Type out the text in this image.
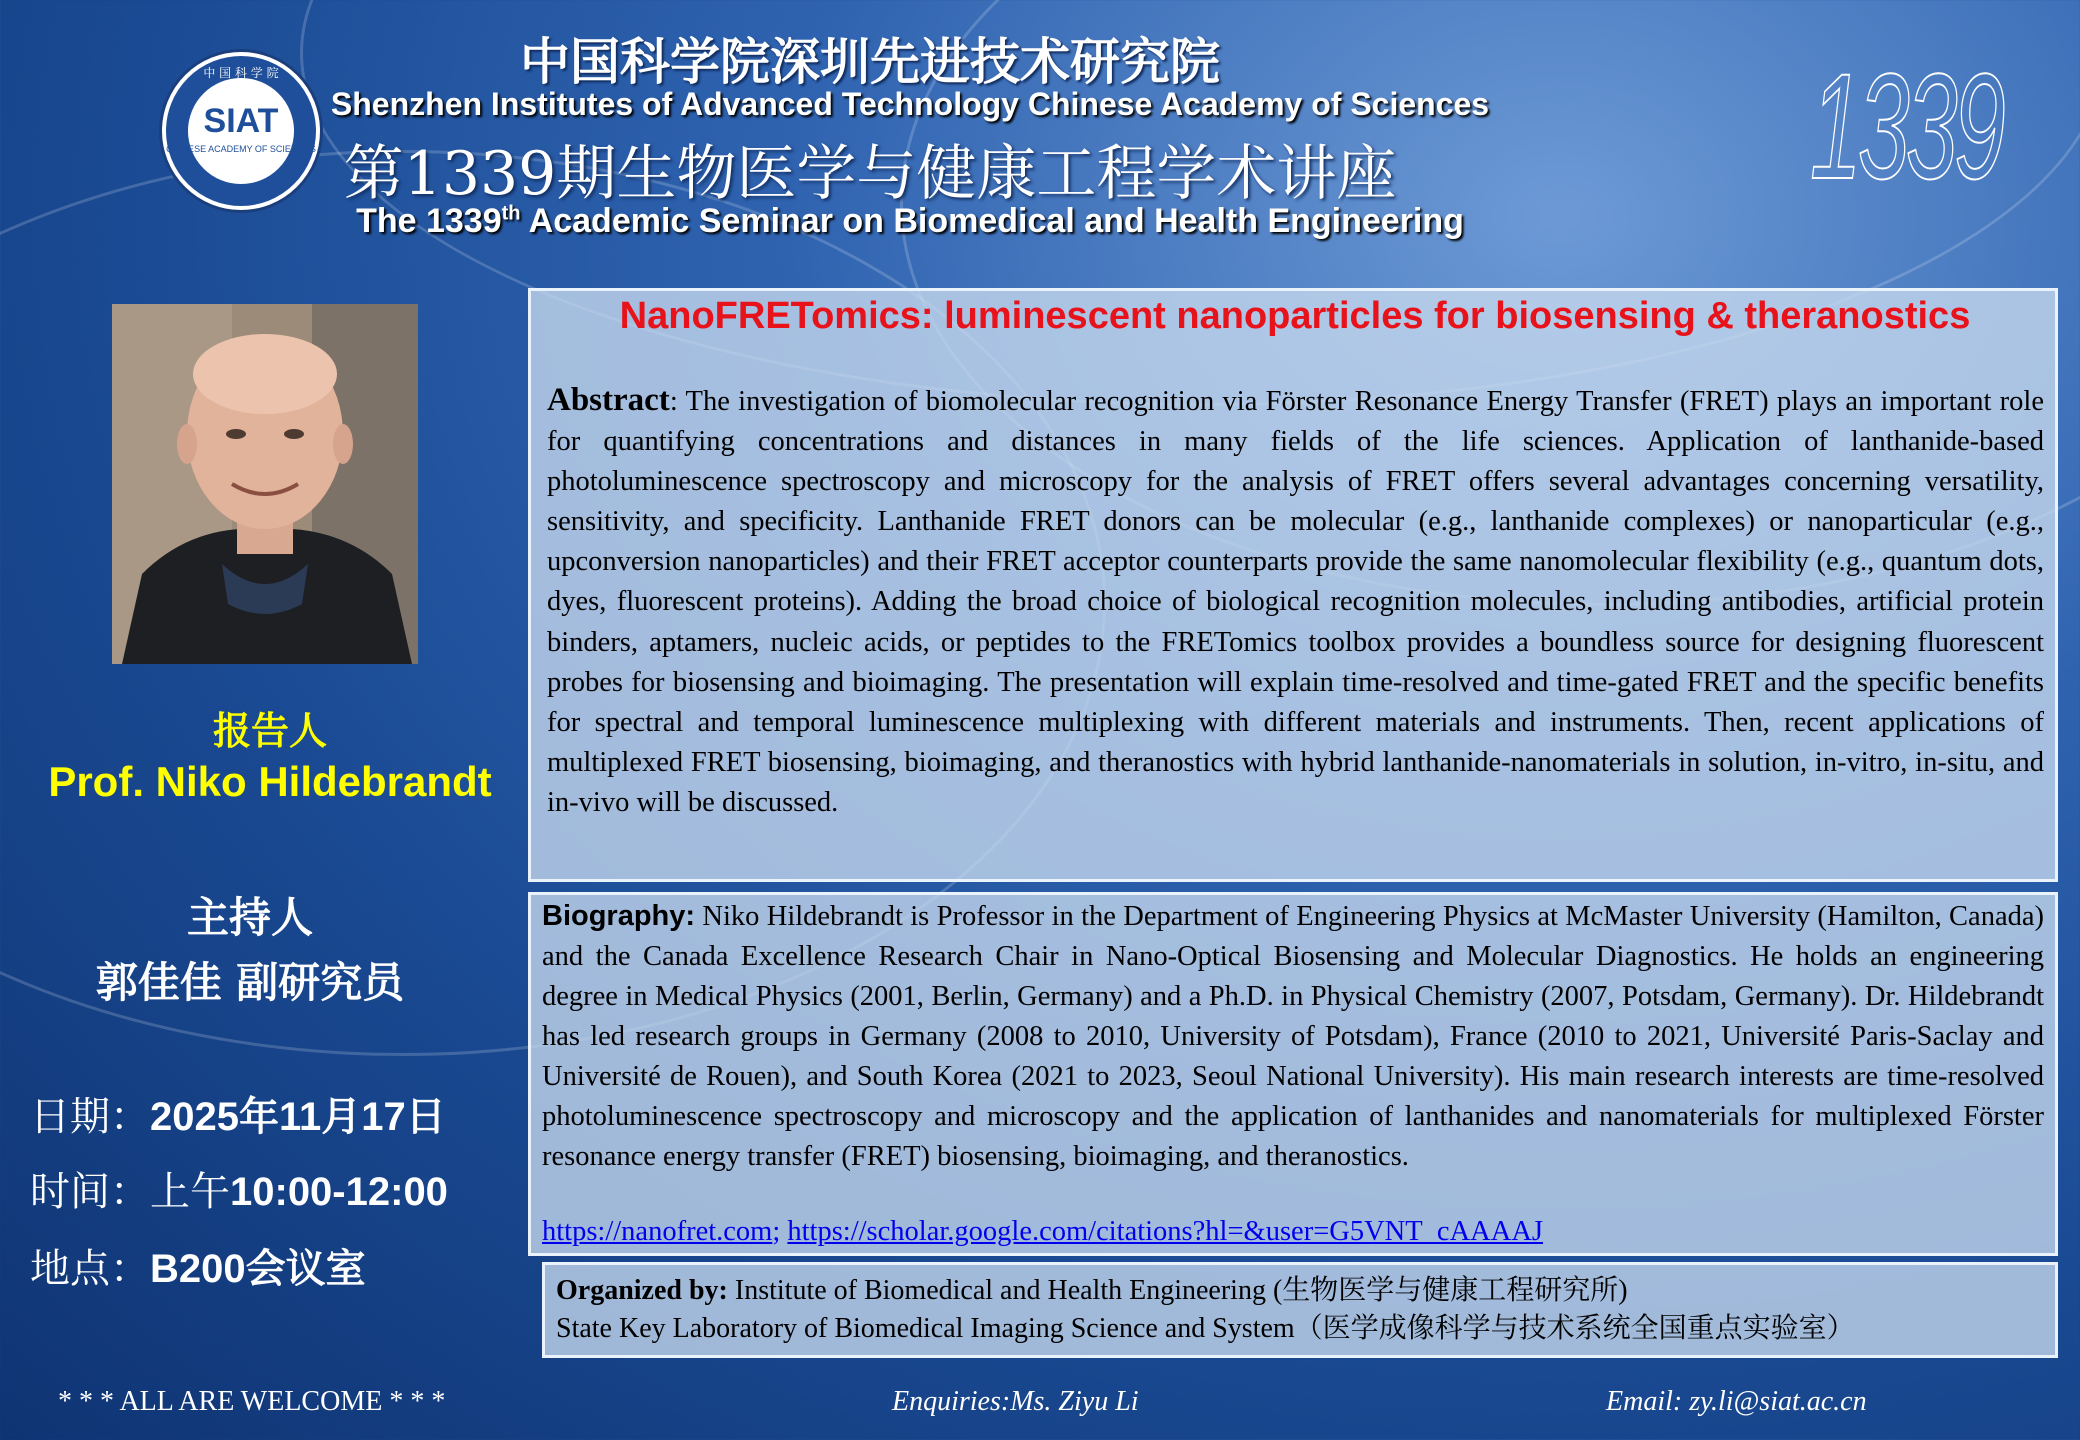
中 国 科 学 院
SIAT
CHINESE ACADEMY OF SCIENCES
中国科学院深圳先进技术研究院
Shenzhen Institutes of Advanced Technology Chinese Academy of Sciences
第1339期生物医学与健康工程学术讲座
The 1339th Academic Seminar on Biomedical and Health Engineering
1339
报告人
Prof. Niko Hildebrandt
主持人
郭佳佳 副研究员
日期：2025年11月17日
时间：上午10:00-12:00
地点：B200会议室
NanoFRETomics: luminescent nanoparticles for biosensing & theranostics
Abstract: The investigation of biomolecular recognition via Förster Resonance Energy Transfer (FRET) plays an important role for quantifying concentrations and distances in many fields of the life sciences. Application of lanthanide-based photoluminescence spectroscopy and microscopy for the analysis of FRET offers several advantages concerning versatility, sensitivity, and specificity. Lanthanide FRET donors can be molecular (e.g., lanthanide complexes) or nanoparticular (e.g., upconversion nanoparticles) and their FRET acceptor counterparts provide the same nanomolecular flexibility (e.g., quantum dots, dyes, fluorescent proteins). Adding the broad choice of biological recognition molecules, including antibodies, artificial protein binders, aptamers, nucleic acids, or peptides to the FRETomics toolbox provides a boundless source for designing fluorescent probes for biosensing and bioimaging. The presentation will explain time-resolved and time-gated FRET and the specific benefits for spectral and temporal luminescence multiplexing with different materials and instruments. Then, recent applications of multiplexed FRET biosensing, bioimaging, and theranostics with hybrid lanthanide-nanomaterials in solution, in-vitro, in-situ, and in-vivo will be discussed.
Biography: Niko Hildebrandt is Professor in the Department of Engineering Physics at McMaster University (Hamilton, Canada) and the Canada Excellence Research Chair in Nano-Optical Biosensing and Molecular Diagnostics. He holds an engineering degree in Medical Physics (2001, Berlin, Germany) and a Ph.D. in Physical Chemistry (2007, Potsdam, Germany). Dr. Hildebrandt has led research groups in Germany (2008 to 2010, University of Potsdam), France (2010 to 2021, Université Paris-Saclay and Université de Rouen), and South Korea (2021 to 2023, Seoul National University). His main research interests are time-resolved photoluminescence spectroscopy and microscopy and the application of lanthanides and nanomaterials for multiplexed Förster resonance energy transfer (FRET) biosensing, bioimaging, and theranostics.
https://nanofret.com; https://scholar.google.com/citations?hl=&user=G5VNT_cAAAAJ
Organized by: Institute of Biomedical and Health Engineering (生物医学与健康工程研究所)
State Key Laboratory of Biomedical Imaging Science and System（医学成像科学与技术系统全国重点实验室）
* * * ALL ARE WELCOME * * *	Enquiries:Ms. Ziyu Li	Email: zy.li@siat.ac.cn
